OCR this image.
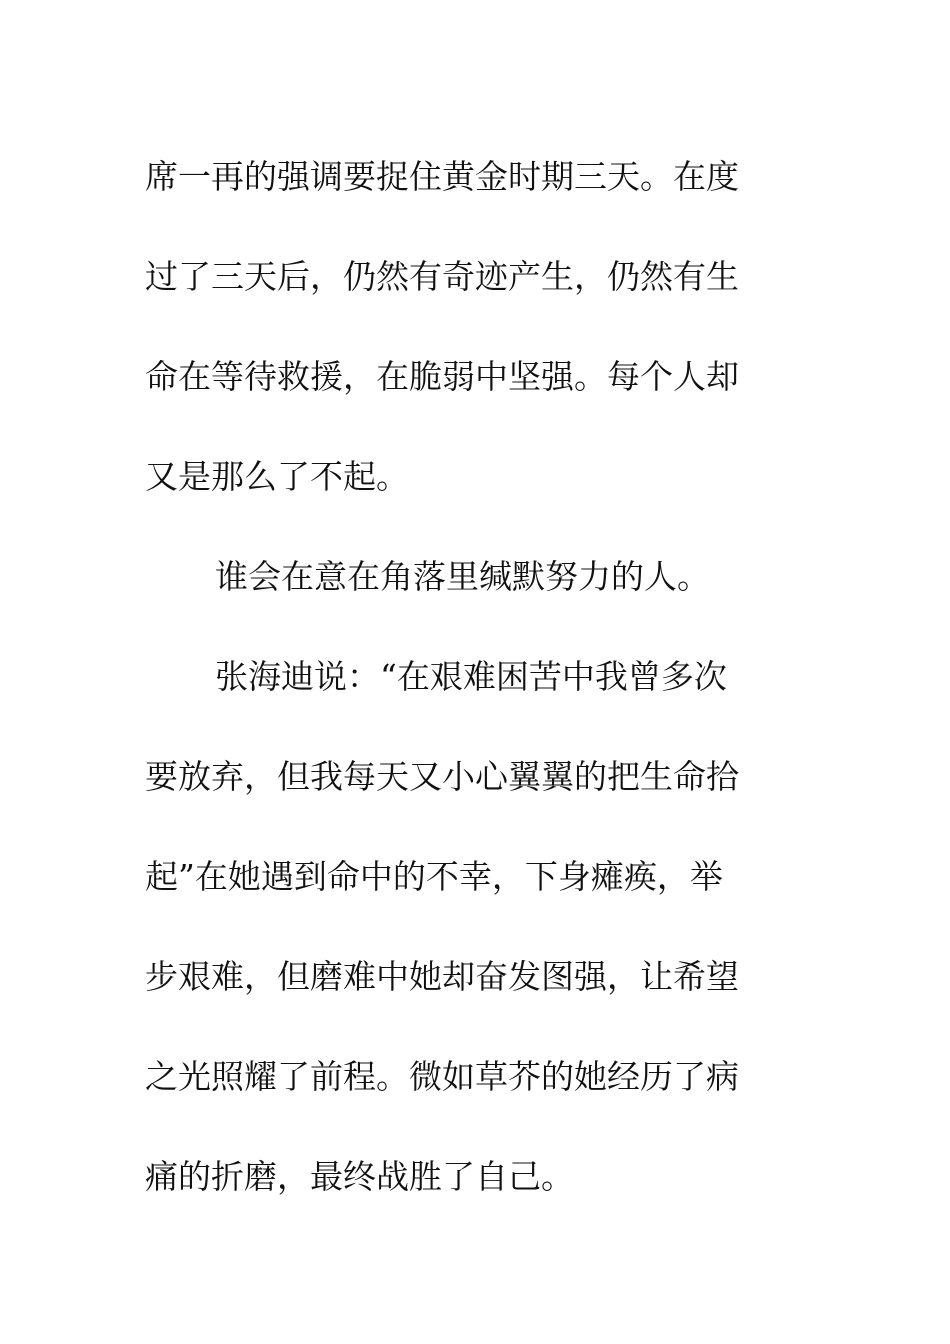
席一再的强调要捉住黄金时期三天。在度
过了三天后，仍然有奇迹产生，仍然有生
命在等待救援，在脆弱中坚强。每个人却
又是那么了不起。
谁会在意在角落里缄默努力的人。
张海迪说：“在艰难困苦中我曾多次
要放弃，但我每天又小心翼翼的把生命拾
起”在她遇到命中的不幸，下身瘫痪，举
步艰难，但磨难中她却奋发图强，让希望
之光照耀了前程。微如草芥的她经历了病
痛的折磨，最终战胜了自己。
